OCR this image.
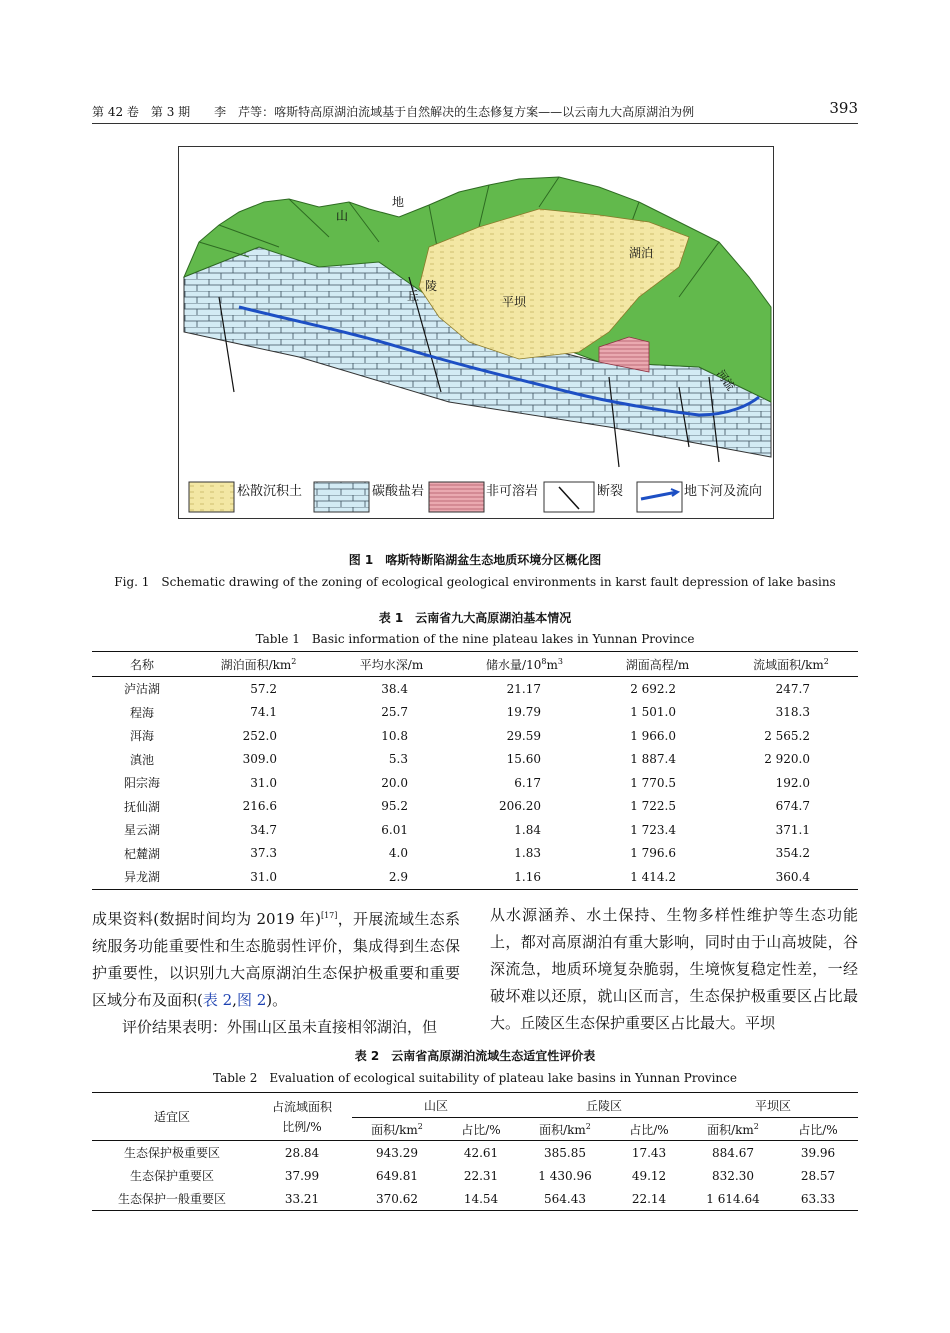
第 42 卷　第 3 期　　李　芹等：喀斯特高原湖泊流域基于自然解决的生态修复方案——以云南九大高原湖泊为例	393
山
地
湖泊
丘
陵
平坝
河流
松散沉积土	碳酸盐岩	非可溶岩	断裂	地下河及流向
图 1　喀斯特断陷湖盆生态地质环境分区概化图
Fig. 1　Schematic drawing of the zoning of ecological geological environments in karst fault depression of lake basins
表 1　云南省九大高原湖泊基本情况
Table 1　Basic information of the nine plateau lakes in Yunnan Province
名称	湖泊面积$/km^2$	平均水深/m	储水量$/10^8m^3$	湖面高程/m	流域面积$/km^2$
泸沽湖	57.2	38.4	21.17	2 692.2	247.7
程海	74.1	25.7	19.79	1 501.0	318.3
洱海	252.0	10.8	29.59	1 966.0	2 565.2
滇池	309.0	5.3	15.60	1 887.4	2 920.0
阳宗海	31.0	20.0	6.17	1 770.5	192.0
抚仙湖	216.6	95.2	206.20	1 722.5	674.7
星云湖	34.7	6.01	1.84	1 723.4	371.1
杞麓湖	37.3	4.0	1.83	1 796.6	354.2
异龙湖	31.0	2.9	1.16	1 414.2	360.4
成果资料(数据时间均为 2019 年)[17]，开展流域生态系统服务功能重要性和生态脆弱性评价，集成得到生态保护重要性，以识别九大高原湖泊生态保护极重要和重要区域分布及面积(表 2,图 2)。
评价结果表明：外围山区虽未直接相邻湖泊，但
从水源涵养、水土保持、生物多样性维护等生态功能上，都对高原湖泊有重大影响，同时由于山高坡陡，谷深流急，地质环境复杂脆弱，生境恢复稳定性差，一经破坏难以还原，就山区而言，生态保护极重要区占比最大。丘陵区生态保护重要区占比最大。平坝
表 2　云南省高原湖泊流域生态适宜性评价表
Table 2　Evaluation of ecological suitability of plateau lake basins in Yunnan Province
适宜区	占流域面积
比例/%	山区		丘陵区		平坝区	
		面积$/km^2$	占比/%	面积$/km^2$	占比/%	面积$/km^2$	占比/%
生态保护极重要区	28.84	943.29	42.61	385.85	17.43	884.67	39.96
生态保护重要区	37.99	649.81	22.31	1 430.96	49.12	832.30	28.57
生态保护一般重要区	33.21	370.62	14.54	564.43	22.14	1 614.64	63.33
